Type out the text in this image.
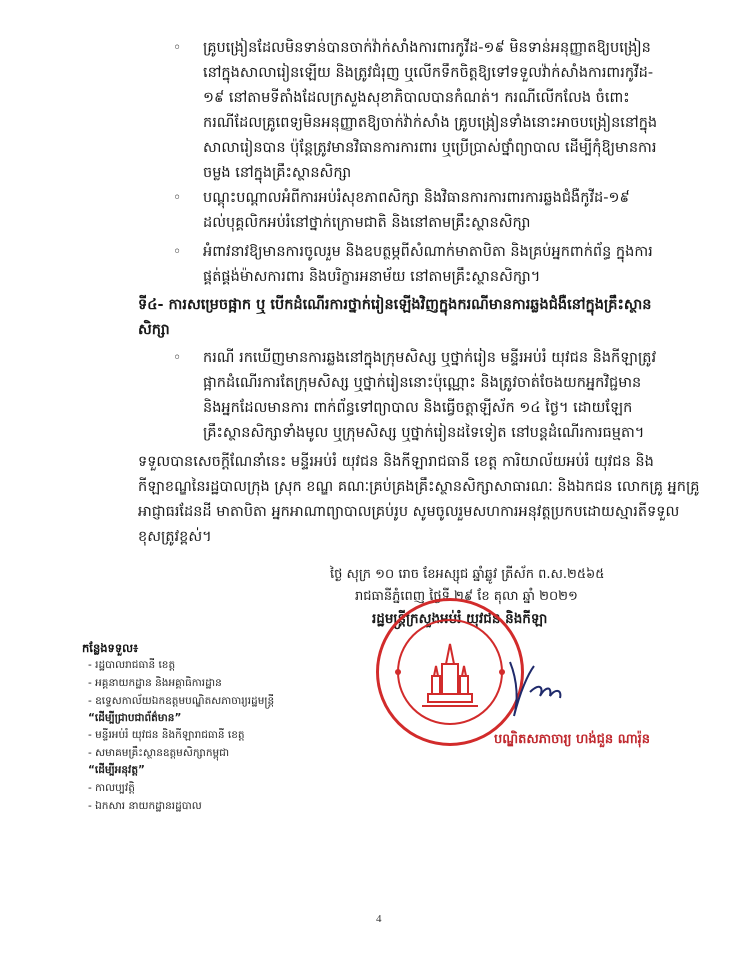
◦ គ្រូបង្រៀនដែលមិនទាន់បានចាក់វ៉ាក់សាំងការពារកូវីដ-១៩ មិនទាន់អនុញ្ញាតឱ្យបង្រៀន
នៅក្នុងសាលារៀនឡើយ និងត្រូវជំរុញ ឬលើកទឹកចិត្តឱ្យទៅទទួលវ៉ាក់សាំងការពារកូវីដ-
១៩ នៅតាមទីតាំងដែលក្រសួងសុខាភិបាលបានកំណត់។ ករណីលើកលែង ចំពោះ
ករណីដែលគ្រូពេទ្យមិនអនុញ្ញាតឱ្យចាក់វ៉ាក់សាំង គ្រូបង្រៀនទាំងនោះអាចបង្រៀននៅក្នុង
សាលារៀនបាន ប៉ុន្តែត្រូវមានវិធានការការពារ ឬប្រើប្រាស់ថ្នាំព្យាបាល ដើម្បីកុំឱ្យមានការ
ចម្លង នៅក្នុងគ្រឹះស្ថានសិក្សា
◦ បណ្តុះបណ្តាលអំពីការអប់រំសុខភាពសិក្សា និងវិធានការការពារការឆ្លងជំងឺកូវីដ-១៩
ដល់បុគ្គលិកអប់រំនៅថ្នាក់ក្រោមជាតិ និងនៅតាមគ្រឹះស្ថានសិក្សា
◦ អំពាវនាវឱ្យមានការចូលរួម និងឧបត្ថម្ភពីសំណាក់មាតាបិតា និងគ្រប់អ្នកពាក់ព័ន្ធ ក្នុងការ
ផ្គត់ផ្គង់ម៉ាសការពារ និងបរិក្ខារអនាម័យ នៅតាមគ្រឹះស្ថានសិក្សា។
ទី៤- ការសម្រេចផ្អាក ឬ បើកដំណើរការថ្នាក់រៀនឡើងវិញក្នុងករណីមានការឆ្លងជំងឺនៅក្នុងគ្រឹះស្ថាន
សិក្សា
◦ ករណី រកឃើញមានការឆ្លងនៅក្នុងក្រុមសិស្ស ឬថ្នាក់រៀន មន្ទីរអប់រំ យុវជន និងកីឡាត្រូវ
ផ្អាកដំណើរការតែក្រុមសិស្ស ឬថ្នាក់រៀននោះប៉ុណ្ណោះ និងត្រូវចាត់ចែងយកអ្នកវិជ្ជមាន
និងអ្នកដែលមានការ ពាក់ព័ន្ធទៅព្យាបាល និងធ្វើចត្តាឡីស័ក ១៤ ថ្ងៃ។ ដោយឡែក
គ្រឹះស្ថានសិក្សាទាំងមូល ឬក្រុមសិស្ស ឬថ្នាក់រៀនដទៃទៀត នៅបន្តដំណើរការធម្មតា។
ទទួលបានសេចក្តីណែនាំនេះ មន្ទីរអប់រំ យុវជន និងកីឡារាជធានី ខេត្ត ការិយាល័យអប់រំ យុវជន និង
កីឡាខណ្ឌនៃរដ្ឋបាលក្រុង ស្រុក ខណ្ឌ គណៈគ្រប់គ្រងគ្រឹះស្ថានសិក្សាសាធារណៈ និងឯកជន លោកគ្រូ អ្នកគ្រូ
អាជ្ញាធរដែនដី មាតាបិតា អ្នកអាណាព្យាបាលគ្រប់រូប សូមចូលរួមសហការអនុវត្តប្រកបដោយស្មារតីទទួល
ខុសត្រូវខ្ពស់។
ថ្ងៃ សុក្រ ១០ រោច ខែអស្សុជ ឆ្នាំឆ្លូវ ត្រីស័ក ព.ស.២៥៦៥
រាជធានីភ្នំពេញ ថ្ងៃទី ២៩ ខែ តុលា ឆ្នាំ ២០២១
រដ្ឋមន្ត្រីក្រសួងអប់រំ យុវជន និងកីឡា
បណ្ឌិតសភាចារ្យ ហង់ជួន ណារ៉ុន
កន្លែងទទួល៖
- រដ្ឋបាលរាជធានី ខេត្ត
- អគ្គនាយកដ្ឋាន និងអគ្គាធិការដ្ឋាន
- ឧទ្ទេសកាល័យឯកឧត្តមបណ្ឌិតសភាចារ្យរដ្ឋមន្ត្រី
“ដើម្បីជ្រាបជាព័ត៌មាន”
- មន្ទីរអប់រំ យុវជន និងកីឡារាជធានី ខេត្ត
- សមាគមគ្រឹះស្ថានឧត្តមសិក្សាកម្ពុជា
“ដើម្បីអនុវត្ត”
- កាលប្បវត្តិ
- ឯកសារ នាយកដ្ឋានរដ្ឋបាល
4
